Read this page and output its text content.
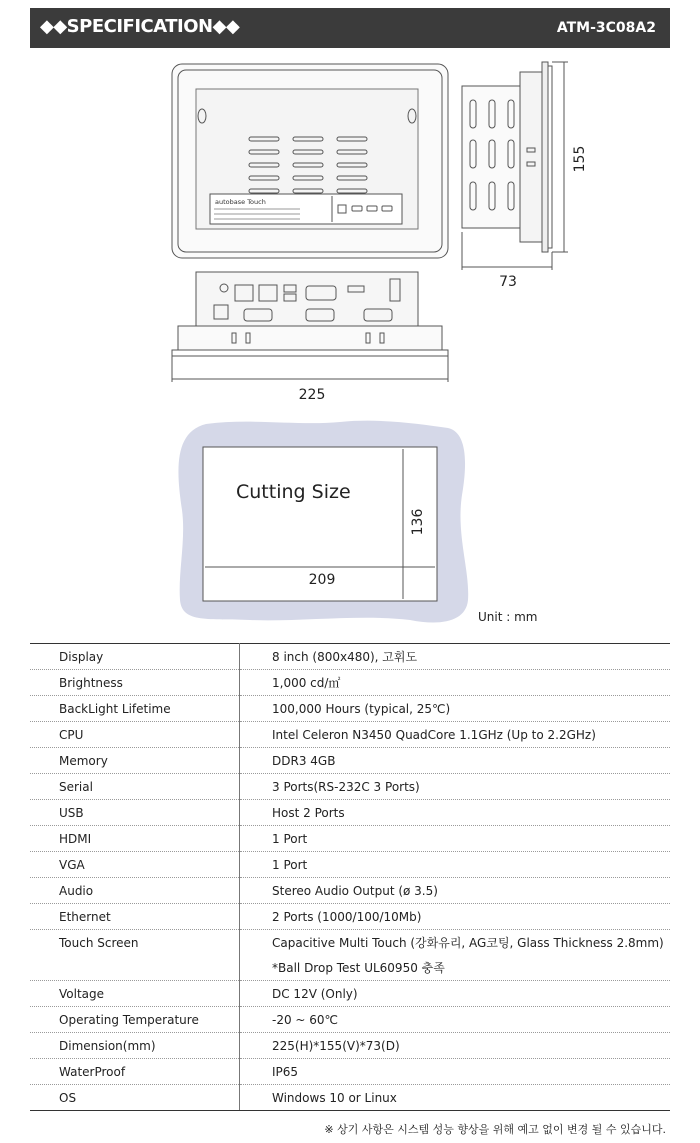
◆◆SPECIFICATION◆◆	ATM-3C08A2
autobase Touch
155
73
225
Cutting Size
136
209
Unit : mm
Display	8 inch (800x480), 고휘도
Brightness	1,000 cd/㎡
BackLight Lifetime	100,000 Hours (typical, 25℃)
CPU	Intel Celeron N3450 QuadCore 1.1GHz (Up to 2.2GHz)
Memory	DDR3 4GB
Serial	3 Ports(RS-232C 3 Ports)
USB	Host 2 Ports
HDMI	1 Port
VGA	1 Port
Audio	Stereo Audio Output (ø 3.5)
Ethernet	2 Ports (1000/100/10Mb)
Touch Screen	Capacitive Multi Touch (강화유리, AG코팅, Glass Thickness 2.8mm)
	*Ball Drop Test UL60950 충족
Voltage	DC 12V (Only)
Operating Temperature	-20 ~ 60℃
Dimension(mm)	225(H)*155(V)*73(D)
WaterProof	IP65
OS	Windows 10 or Linux
※ 상기 사항은 시스템 성능 향상을 위해 예고 없이 변경 될 수 있습니다.
